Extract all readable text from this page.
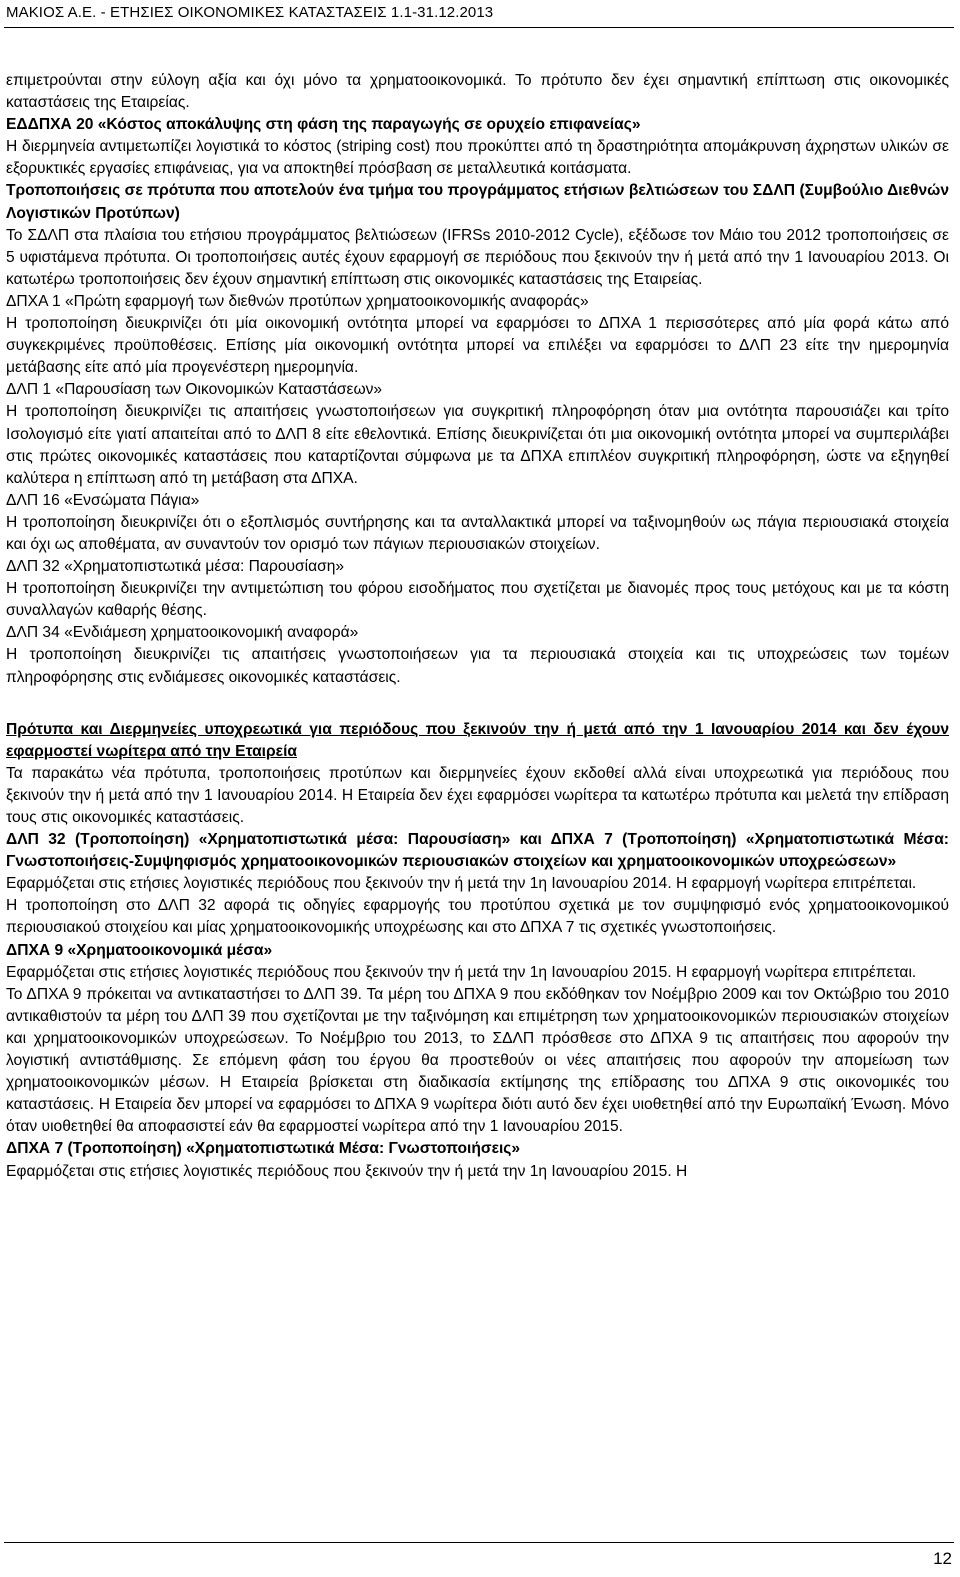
ΜΑΚΙΟΣ Α.Ε. - ΕΤΗΣΙΕΣ ΟΙΚΟΝΟΜΙΚΕΣ ΚΑΤΑΣΤΑΣΕΙΣ 1.1-31.12.2013

επιμετρούνται στην εύλογη αξία και όχι μόνο τα χρηματοοικονομικά. Το πρότυπο δεν έχει σημαντική επίπτωση στις οικονομικές καταστάσεις της Εταιρείας.

ΕΔΔΠΧΑ 20 «Κόστος αποκάλυψης στη φάση της παραγωγής σε ορυχείο επιφανείας»

Η διερμηνεία αντιμετωπίζει λογιστικά το κόστος (striping cost) που προκύπτει από τη δραστηριότητα απομάκρυνση άχρηστων υλικών σε εξορυκτικές εργασίες επιφάνειας, για να αποκτηθεί πρόσβαση σε μεταλλευτικά κοιτάσματα.

Τροποποιήσεις σε πρότυπα που αποτελούν ένα τμήμα του προγράμματος ετήσιων βελτιώσεων του ΣΔΛΠ (Συμβούλιο Διεθνών Λογιστικών Προτύπων)

Το ΣΔΛΠ στα πλαίσια του ετήσιου προγράμματος βελτιώσεων (IFRSs 2010-2012 Cycle), εξέδωσε τον Μάιο του 2012 τροποποιήσεις σε 5 υφιστάμενα πρότυπα. Οι τροποποιήσεις αυτές έχουν εφαρμογή σε περιόδους που ξεκινούν την ή μετά από την 1 Ιανουαρίου 2013. Οι κατωτέρω τροποποιήσεις δεν έχουν σημαντική επίπτωση στις οικονομικές καταστάσεις της Εταιρείας.

ΔΠΧΑ 1 «Πρώτη εφαρμογή των διεθνών προτύπων χρηματοοικονομικής αναφοράς»

Η τροποποίηση διευκρινίζει ότι μία οικονομική οντότητα μπορεί να εφαρμόσει το ΔΠΧΑ 1 περισσότερες από μία φορά κάτω από συγκεκριμένες προϋποθέσεις. Επίσης μία οικονομική οντότητα μπορεί να επιλέξει να εφαρμόσει το ΔΛΠ 23 είτε την ημερομηνία μετάβασης είτε από μία προγενέστερη ημερομηνία.

ΔΛΠ 1 «Παρουσίαση των Οικονομικών Καταστάσεων»

Η τροποποίηση διευκρινίζει τις απαιτήσεις γνωστοποιήσεων για συγκριτική πληροφόρηση όταν μια οντότητα παρουσιάζει και τρίτο Ισολογισμό είτε γιατί απαιτείται από το ΔΛΠ 8 είτε εθελοντικά. Επίσης διευκρινίζεται ότι μια οικονομική οντότητα μπορεί να συμπεριλάβει στις πρώτες οικονομικές καταστάσεις που καταρτίζονται σύμφωνα με τα ΔΠΧΑ επιπλέον συγκριτική πληροφόρηση, ώστε να εξηγηθεί καλύτερα η επίπτωση από τη μετάβαση στα ΔΠΧΑ.

ΔΛΠ 16 «Ενσώματα Πάγια»

Η τροποποίηση διευκρινίζει ότι ο εξοπλισμός συντήρησης και τα ανταλλακτικά μπορεί να ταξινομηθούν ως πάγια περιουσιακά στοιχεία και όχι ως αποθέματα, αν συναντούν τον ορισμό των πάγιων περιουσιακών στοιχείων.

ΔΛΠ 32 «Χρηματοπιστωτικά μέσα: Παρουσίαση»

Η τροποποίηση διευκρινίζει την αντιμετώπιση του φόρου εισοδήματος που σχετίζεται με διανομές προς τους μετόχους και με τα κόστη συναλλαγών καθαρής θέσης.

ΔΛΠ 34 «Ενδιάμεση χρηματοοικονομική αναφορά»

Η τροποποίηση διευκρινίζει τις απαιτήσεις γνωστοποιήσεων για τα περιουσιακά στοιχεία και τις υποχρεώσεις των τομέων πληροφόρησης στις ενδιάμεσες οικονομικές καταστάσεις.

Πρότυπα και Διερμηνείες υποχρεωτικά για περιόδους που ξεκινούν την ή μετά από την 1 Ιανουαρίου 2014 και δεν έχουν εφαρμοστεί νωρίτερα από την Εταιρεία

Τα παρακάτω νέα πρότυπα, τροποποιήσεις προτύπων και διερμηνείες έχουν εκδοθεί αλλά είναι υποχρεωτικά για περιόδους που ξεκινούν την ή μετά από την 1 Ιανουαρίου 2014. Η Εταιρεία δεν έχει εφαρμόσει νωρίτερα τα κατωτέρω πρότυπα και μελετά την επίδραση τους στις οικονομικές καταστάσεις.

ΔΛΠ 32 (Τροποποίηση) «Χρηματοπιστωτικά μέσα: Παρουσίαση» και ΔΠΧΑ 7 (Τροποποίηση) «Χρηματοπιστωτικά Μέσα: Γνωστοποιήσεις-Συμψηφισμός χρηματοοικονομικών περιουσιακών στοιχείων και χρηματοοικονομικών υποχρεώσεων»

Εφαρμόζεται στις ετήσιες λογιστικές περιόδους που ξεκινούν την ή μετά την 1η Ιανουαρίου 2014. Η εφαρμογή νωρίτερα επιτρέπεται.

Η τροποποίηση στο ΔΛΠ 32 αφορά τις οδηγίες εφαρμογής του προτύπου σχετικά με τον συμψηφισμό ενός χρηματοοικονομικού περιουσιακού στοιχείου και μίας χρηματοοικονομικής υποχρέωσης και στο ΔΠΧΑ 7 τις σχετικές γνωστοποιήσεις.

ΔΠΧΑ 9 «Χρηματοοικονομικά μέσα»

Εφαρμόζεται στις ετήσιες λογιστικές περιόδους που ξεκινούν την ή μετά την 1η Ιανουαρίου 2015. Η εφαρμογή νωρίτερα επιτρέπεται.

Το ΔΠΧΑ 9 πρόκειται να αντικαταστήσει το ΔΛΠ 39. Τα μέρη του ΔΠΧΑ 9 που εκδόθηκαν τον Νοέμβριο 2009 και τον Οκτώβριο του 2010 αντικαθιστούν τα μέρη του ΔΛΠ 39 που σχετίζονται με την ταξινόμηση και επιμέτρηση των χρηματοοικονομικών περιουσιακών στοιχείων και χρηματοοικονομικών υποχρεώσεων. Το Νοέμβριο του 2013, το ΣΔΛΠ πρόσθεσε στο ΔΠΧΑ 9 τις απαιτήσεις που αφορούν την λογιστική αντιστάθμισης. Σε επόμενη φάση του έργου θα προστεθούν οι νέες απαιτήσεις που αφορούν την απομείωση των χρηματοοικονομικών μέσων. Η Εταιρεία βρίσκεται στη διαδικασία εκτίμησης της επίδρασης του ΔΠΧΑ 9 στις οικονομικές του καταστάσεις. Η Εταιρεία δεν μπορεί να εφαρμόσει το ΔΠΧΑ 9 νωρίτερα διότι αυτό δεν έχει υιοθετηθεί από την Ευρωπαϊκή Ένωση. Μόνο όταν υιοθετηθεί θα αποφασιστεί εάν θα εφαρμοστεί νωρίτερα από την 1 Ιανουαρίου 2015.

ΔΠΧΑ 7 (Τροποποίηση) «Χρηματοπιστωτικά Μέσα: Γνωστοποιήσεις»

Εφαρμόζεται στις ετήσιες λογιστικές περιόδους που ξεκινούν την ή μετά την 1η Ιανουαρίου 2015. Η

12
